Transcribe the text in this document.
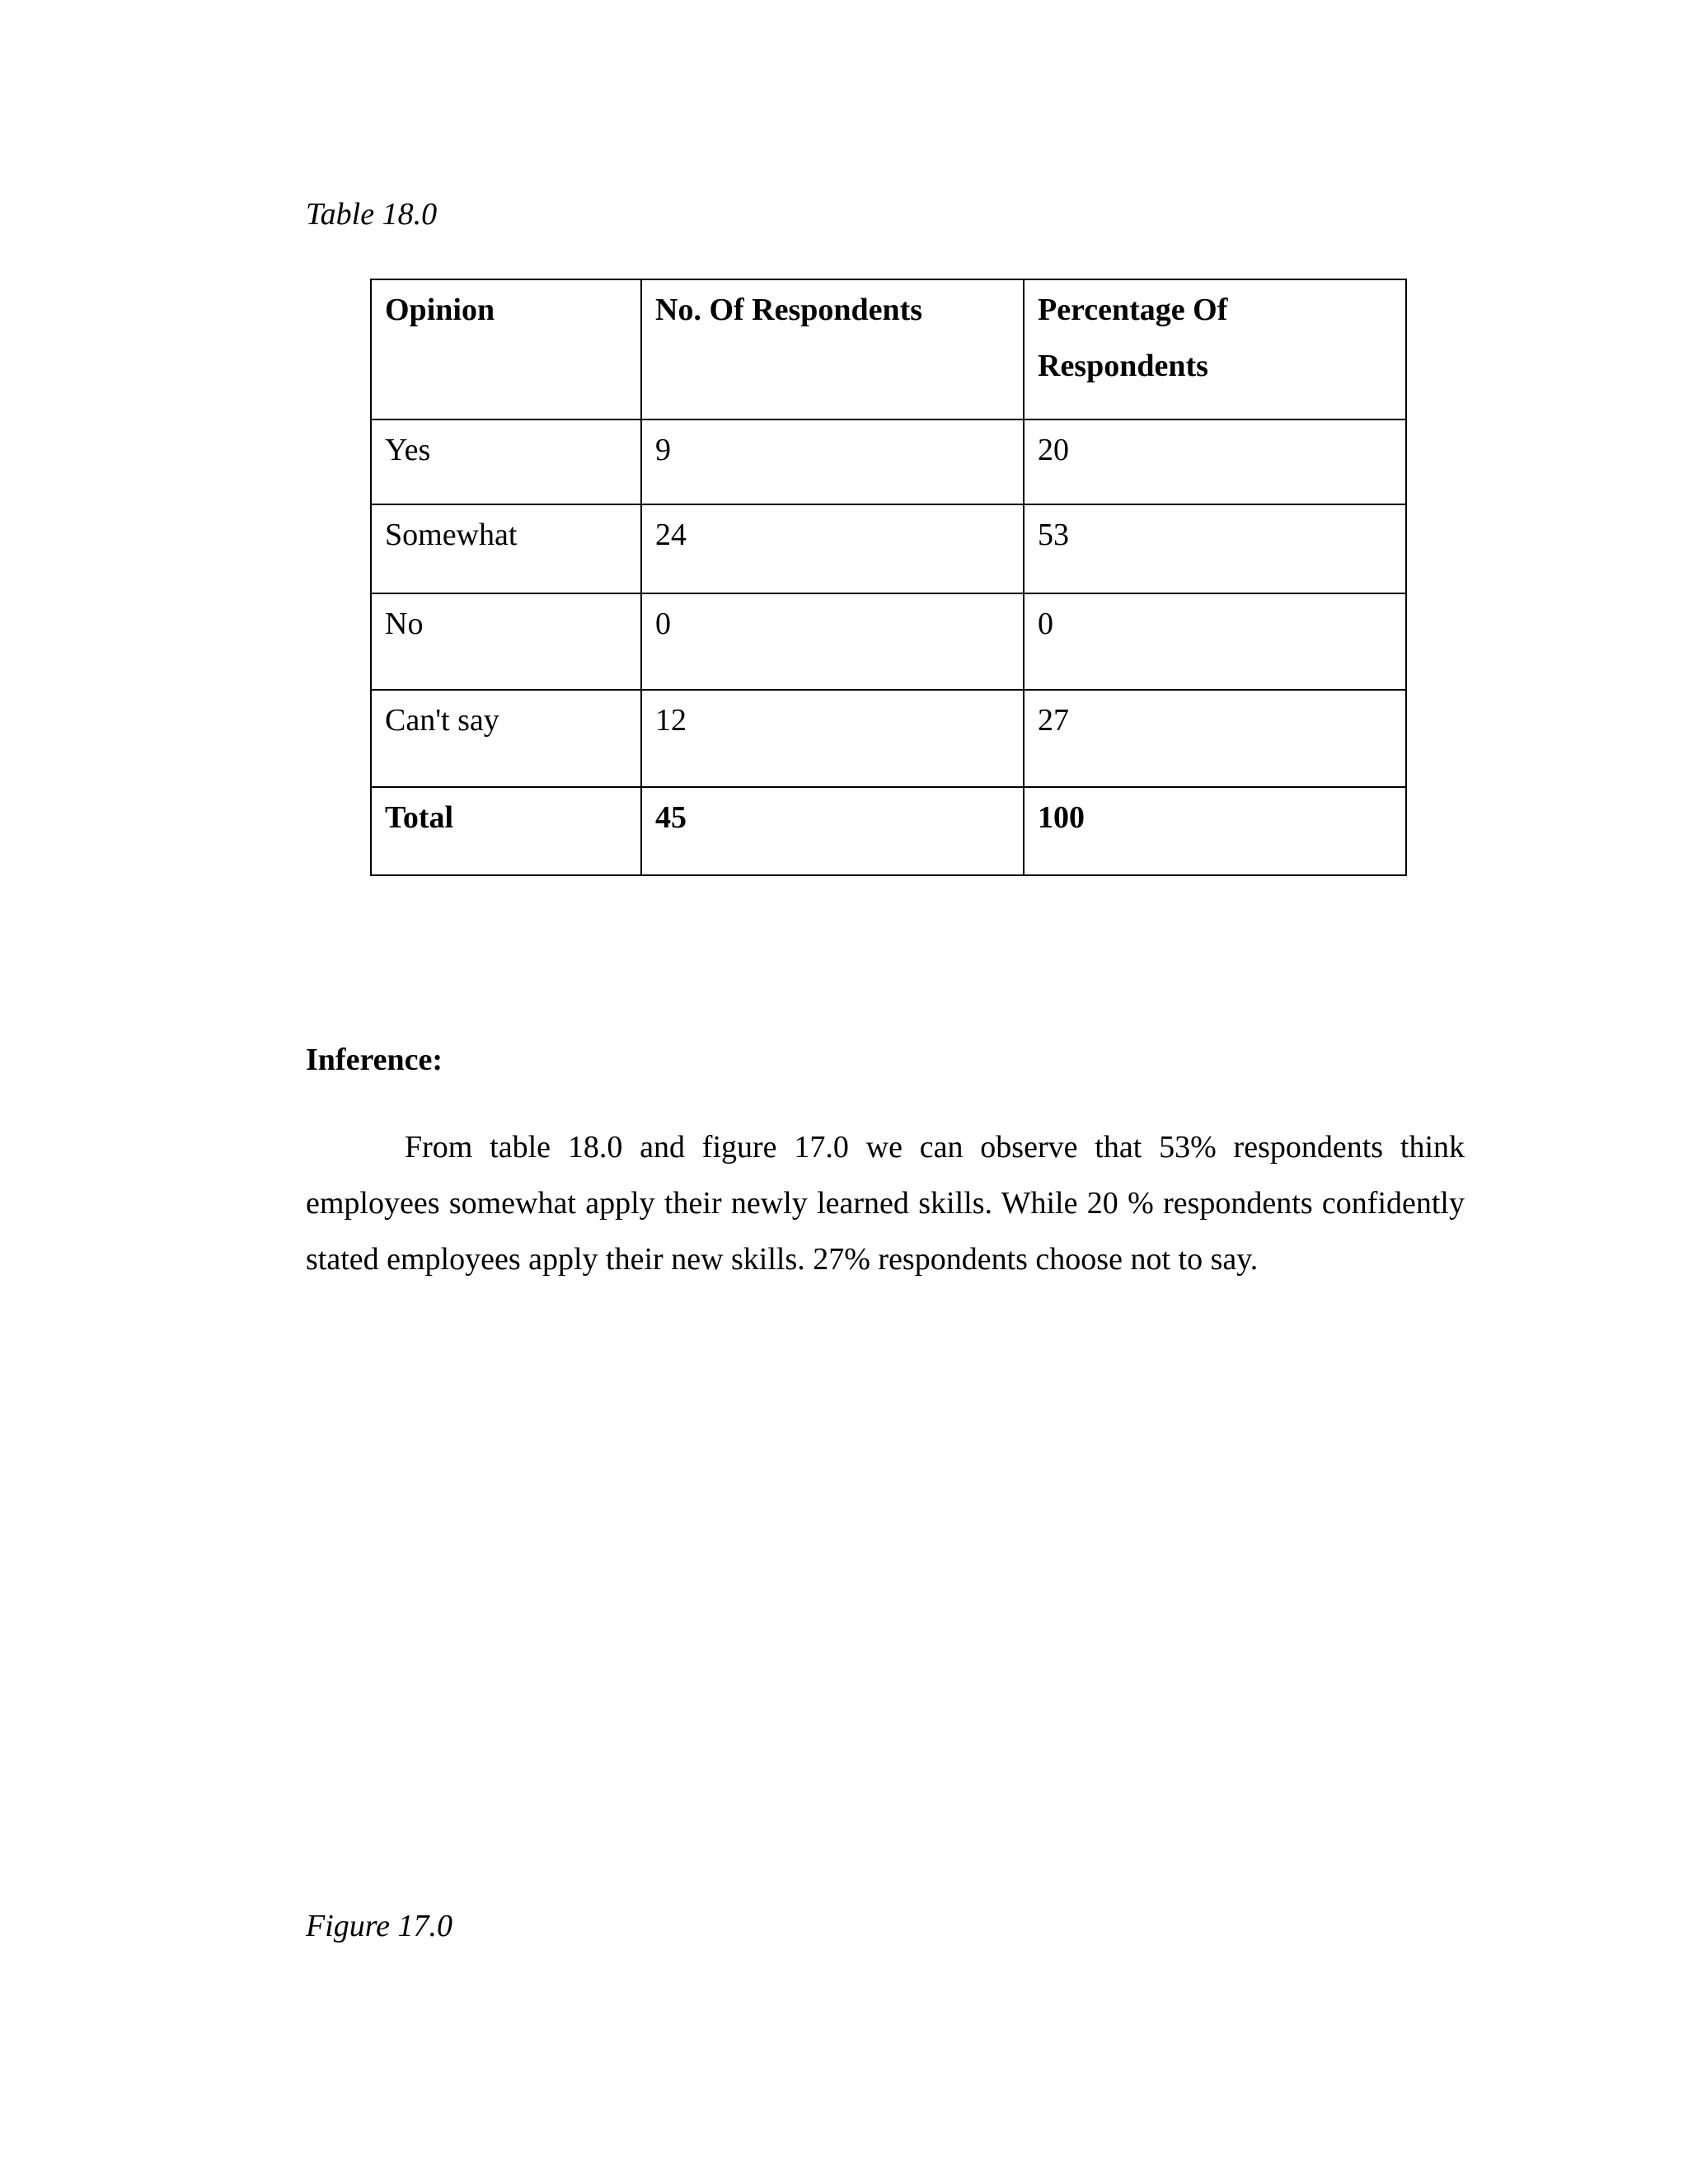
Table 18.0

Opinion	No. Of Respondents	Percentage Of Respondents
Yes	9	20
Somewhat	24	53
No	0	0
Can't say	12	27
Total	45	100
Inference:

From table 18.0 and figure 17.0 we can observe that 53% respondents think employees somewhat apply their newly learned skills. While 20 % respondents confidently stated employees apply their new skills. 27% respondents choose not to say.

Figure 17.0
